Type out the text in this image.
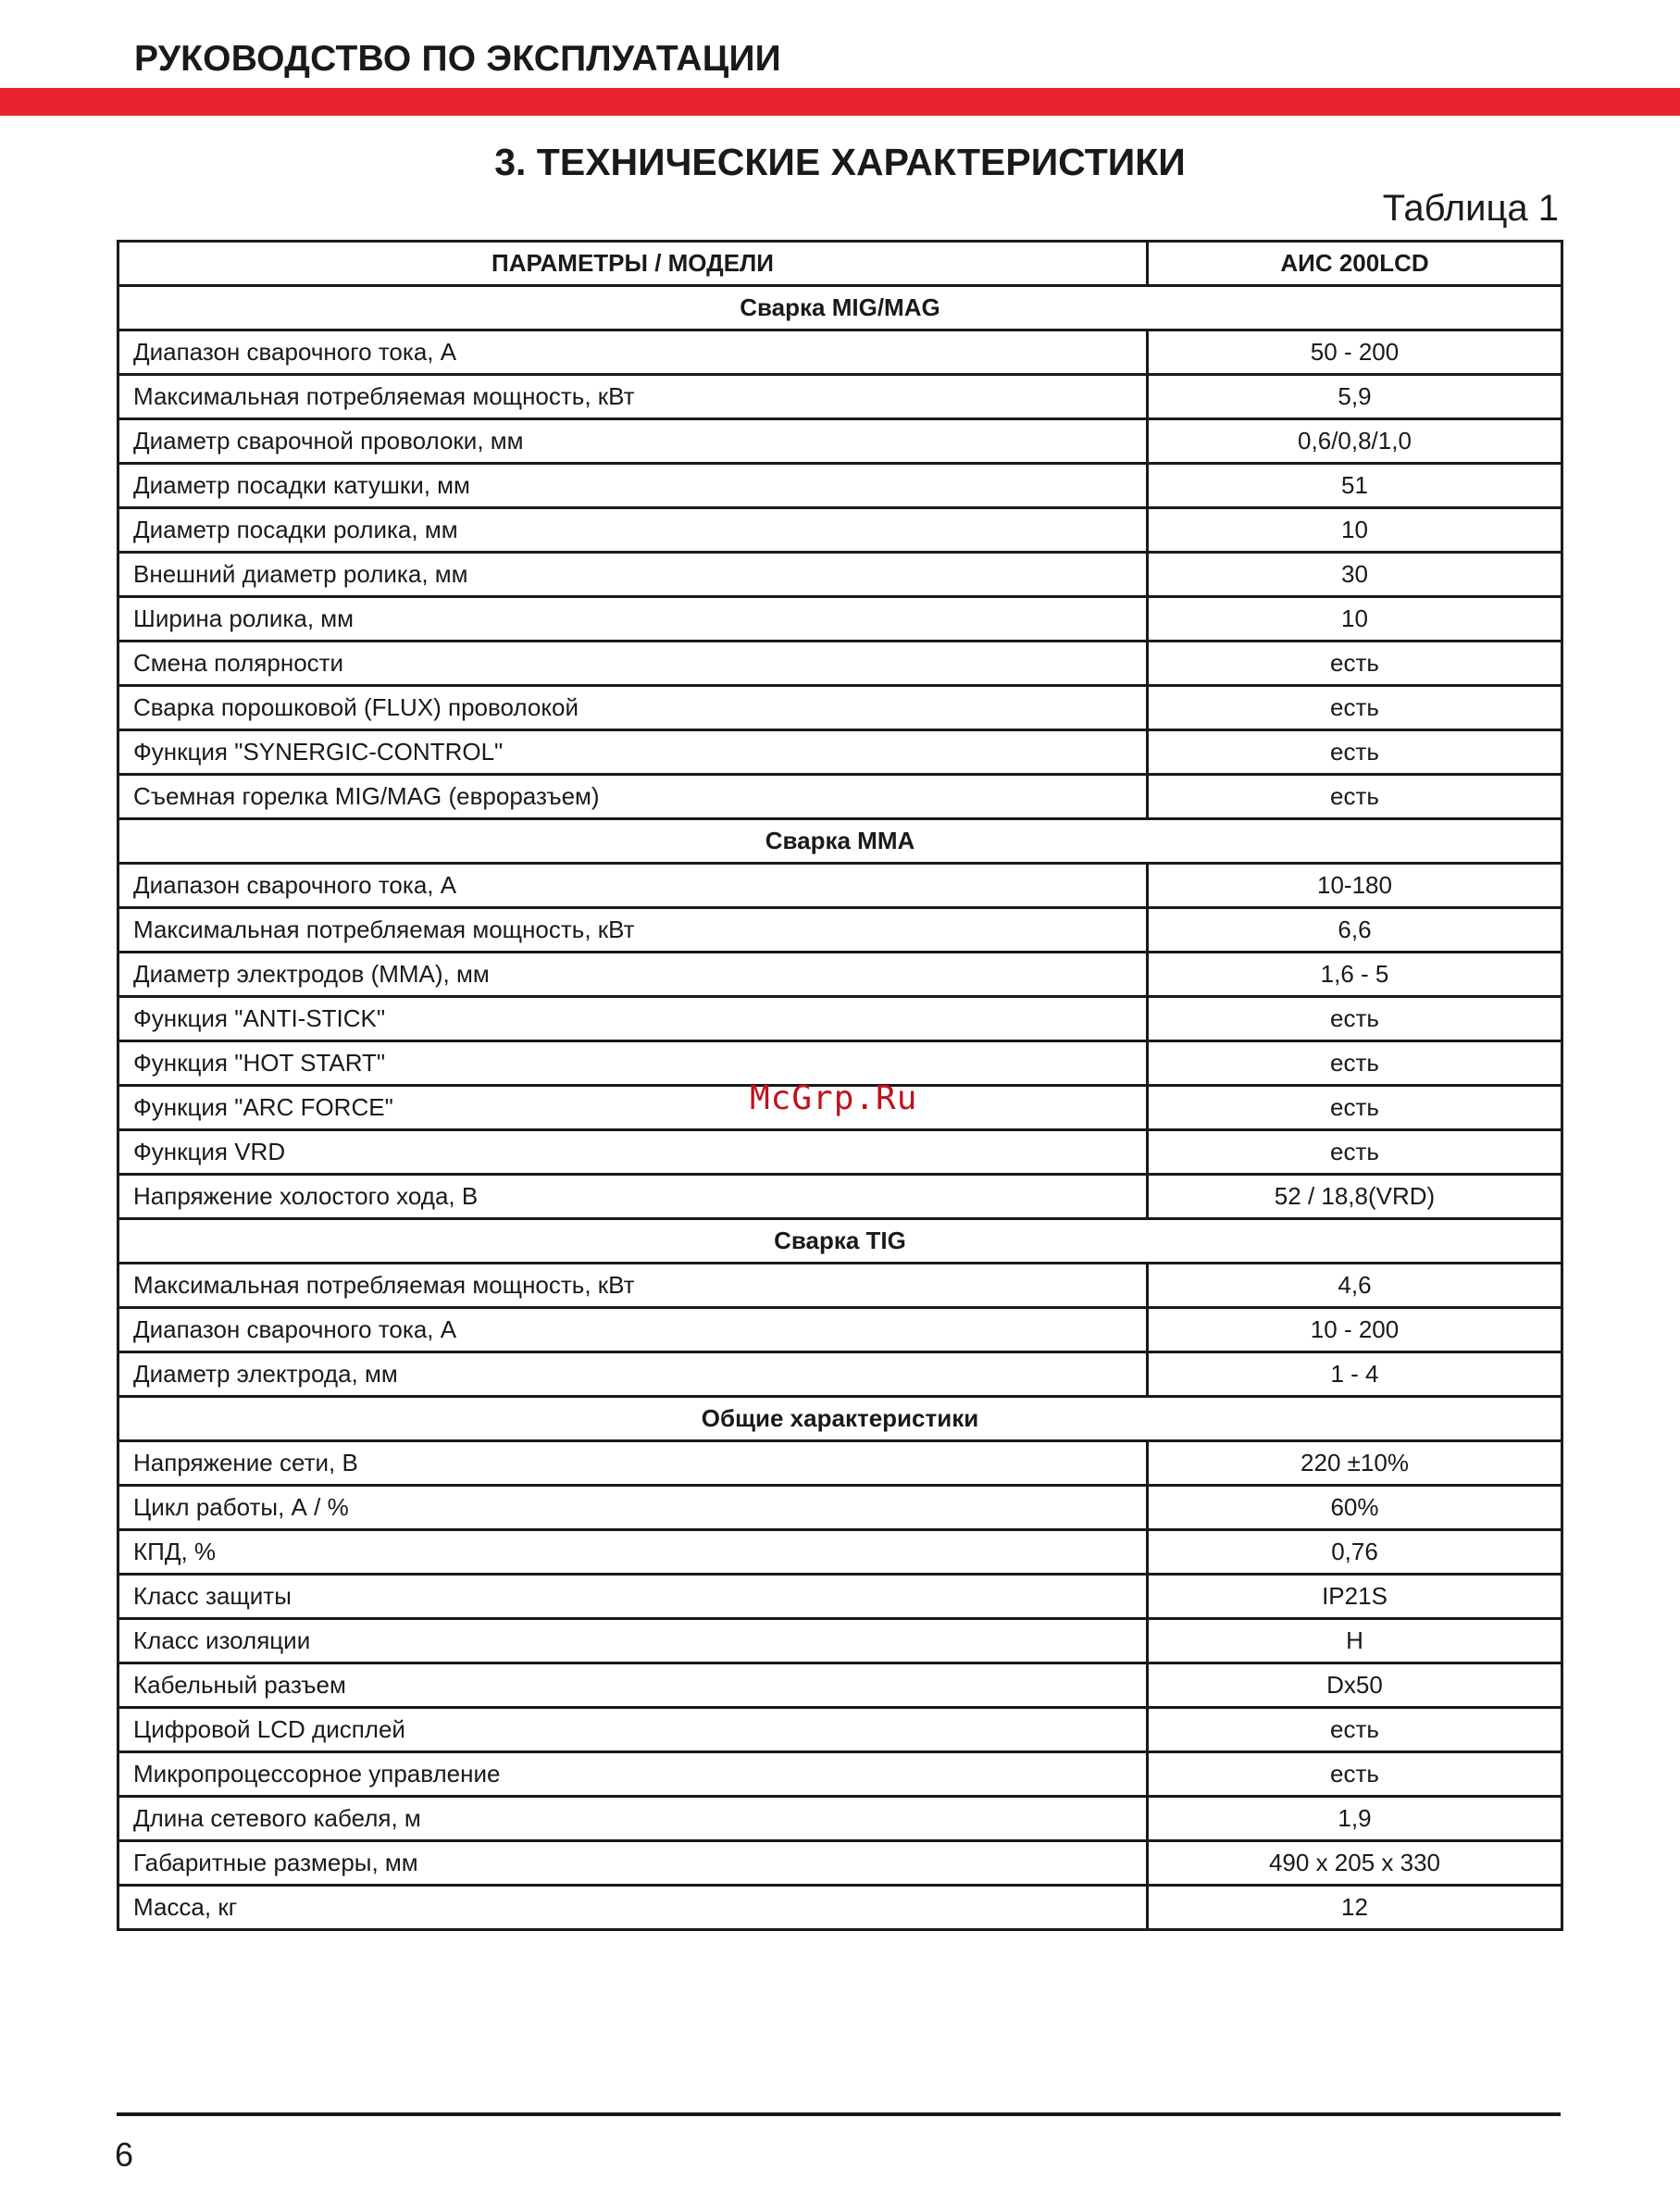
РУКОВОДСТВО ПО ЭКСПЛУАТАЦИИ
3. ТЕХНИЧЕСКИЕ ХАРАКТЕРИСТИКИ
Таблица 1
ПАРАМЕТРЫ / МОДЕЛИ	АИС 200LCD
Сварка MIG/MAG	
Диапазон сварочного тока, А	50 - 200
Максимальная потребляемая мощность, кВт	5,9
Диаметр сварочной проволоки, мм	0,6/0,8/1,0
Диаметр посадки катушки, мм	51
Диаметр посадки ролика, мм	10
Внешний диаметр ролика, мм	30
Ширина ролика, мм	10
Смена полярности	есть
Сварка порошковой (FLUX) проволокой	есть
Функция "SYNERGIC-CONTROL"	есть
Съемная горелка MIG/MAG (евроразъем)	есть
Сварка MMA	
Диапазон сварочного тока, А	10-180
Максимальная потребляемая мощность, кВт	6,6
Диаметр электродов (MMA), мм	1,6 - 5
Функция "ANTI-STICK"	есть
Функция "HOT START"	есть
Функция "ARC FORCE"	есть
Функция VRD	есть
Напряжение холостого хода, В	52 / 18,8(VRD)
Сварка TIG	
Максимальная потребляемая мощность, кВт	4,6
Диапазон сварочного тока, А	10 - 200
Диаметр электрода, мм	1 - 4
Общие характеристики	
Напряжение сети, В	220 ±10%
Цикл работы, А / %	60%
КПД, %	0,76
Класс защиты	IP21S
Класс изоляции	H
Кабельный разъем	Dx50
Цифровой LCD дисплей	есть
Микропроцессорное управление	есть
Длина сетевого кабеля, м	1,9
Габаритные размеры, мм	490 x 205 x 330
Масса, кг	12
McGrp.Ru
6
